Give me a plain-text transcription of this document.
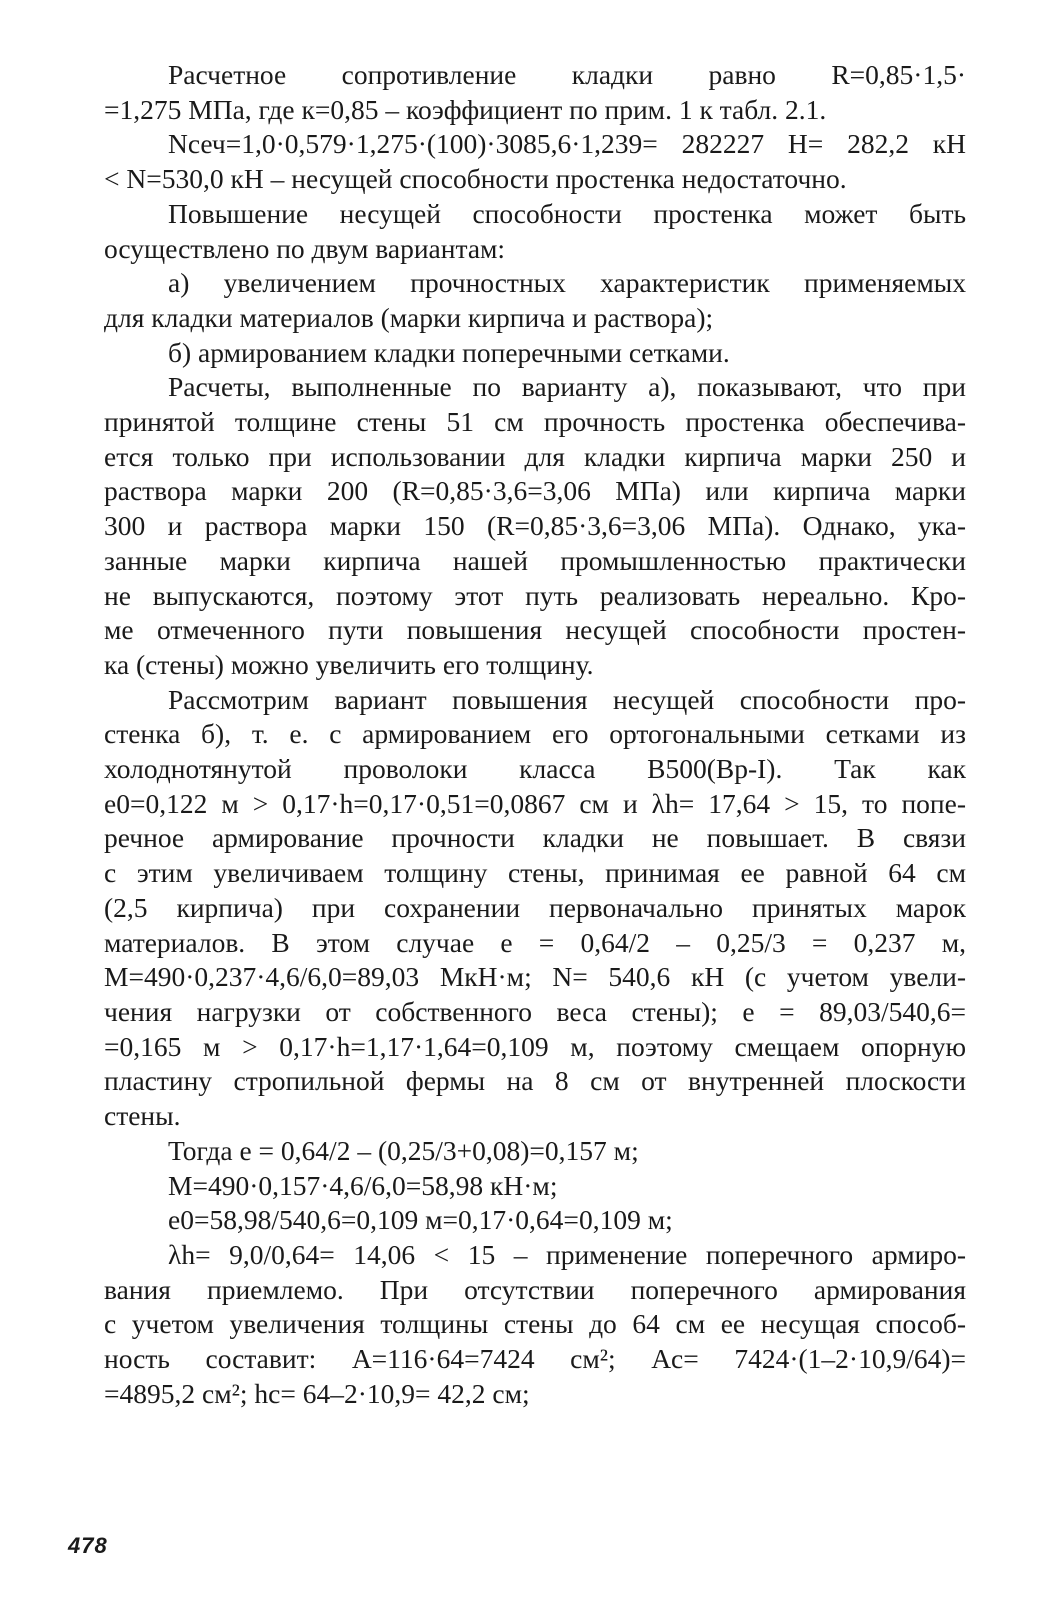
Расчетное сопротивление кладки равно R=0,85·1,5·
=1,275 МПа, где к=0,85 – коэффициент по прим. 1 к табл. 2.1.
Nсеч=1,0·0,579·1,275·(100)·3085,6·1,239= 282227 Н= 282,2 кН
< N=530,0 кН – несущей способности простенка недостаточно.
Повышение несущей способности простенка может быть
осуществлено по двум вариантам:
а) увеличением прочностных характеристик применяемых
для кладки материалов (марки кирпича и раствора);
б) армированием кладки поперечными сетками.
Расчеты, выполненные по варианту а), показывают, что при
принятой толщине стены 51 см прочность простенка обеспечива-
ется только при использовании для кладки кирпича марки 250 и
раствора марки 200 (R=0,85·3,6=3,06 МПа) или кирпича марки
300 и раствора марки 150 (R=0,85·3,6=3,06 МПа). Однако, ука-
занные марки кирпича нашей промышленностью практически
не выпускаются, поэтому этот путь реализовать нереально. Кро-
ме отмеченного пути повышения несущей способности простен-
ка (стены) можно увеличить его толщину.
Рассмотрим вариант повышения несущей способности про-
стенка б), т. е. с армированием его ортогональными сетками из
холоднотянутой проволоки класса В500(Вр-I). Так как
e0=0,122 м > 0,17·h=0,17·0,51=0,0867 см и λh= 17,64 > 15, то попе-
речное армирование прочности кладки не повышает. В связи
с этим увеличиваем толщину стены, принимая ее равной 64 см
(2,5 кирпича) при сохранении первоначально принятых марок
материалов. В этом случае e = 0,64/2 – 0,25/3 = 0,237 м,
M=490·0,237·4,6/6,0=89,03 МкН·м; N= 540,6 кН (с учетом увели-
чения нагрузки от собственного веса стены); e = 89,03/540,6=
=0,165 м > 0,17·h=1,17·1,64=0,109 м, поэтому смещаем опорную
пластину стропильной фермы на 8 см от внутренней плоскости
стены.
Тогда e = 0,64/2 – (0,25/3+0,08)=0,157 м;
M=490·0,157·4,6/6,0=58,98 кН·м;
e0=58,98/540,6=0,109 м=0,17·0,64=0,109 м;
λh= 9,0/0,64= 14,06 < 15 – применение поперечного армиро-
вания приемлемо. При отсутствии поперечного армирования
с учетом увеличения толщины стены до 64 см ее несущая способ-
ность составит: A=116·64=7424 см²; Ac= 7424·(1–2·10,9/64)=
=4895,2 см²; hc= 64–2·10,9= 42,2 см;
478
